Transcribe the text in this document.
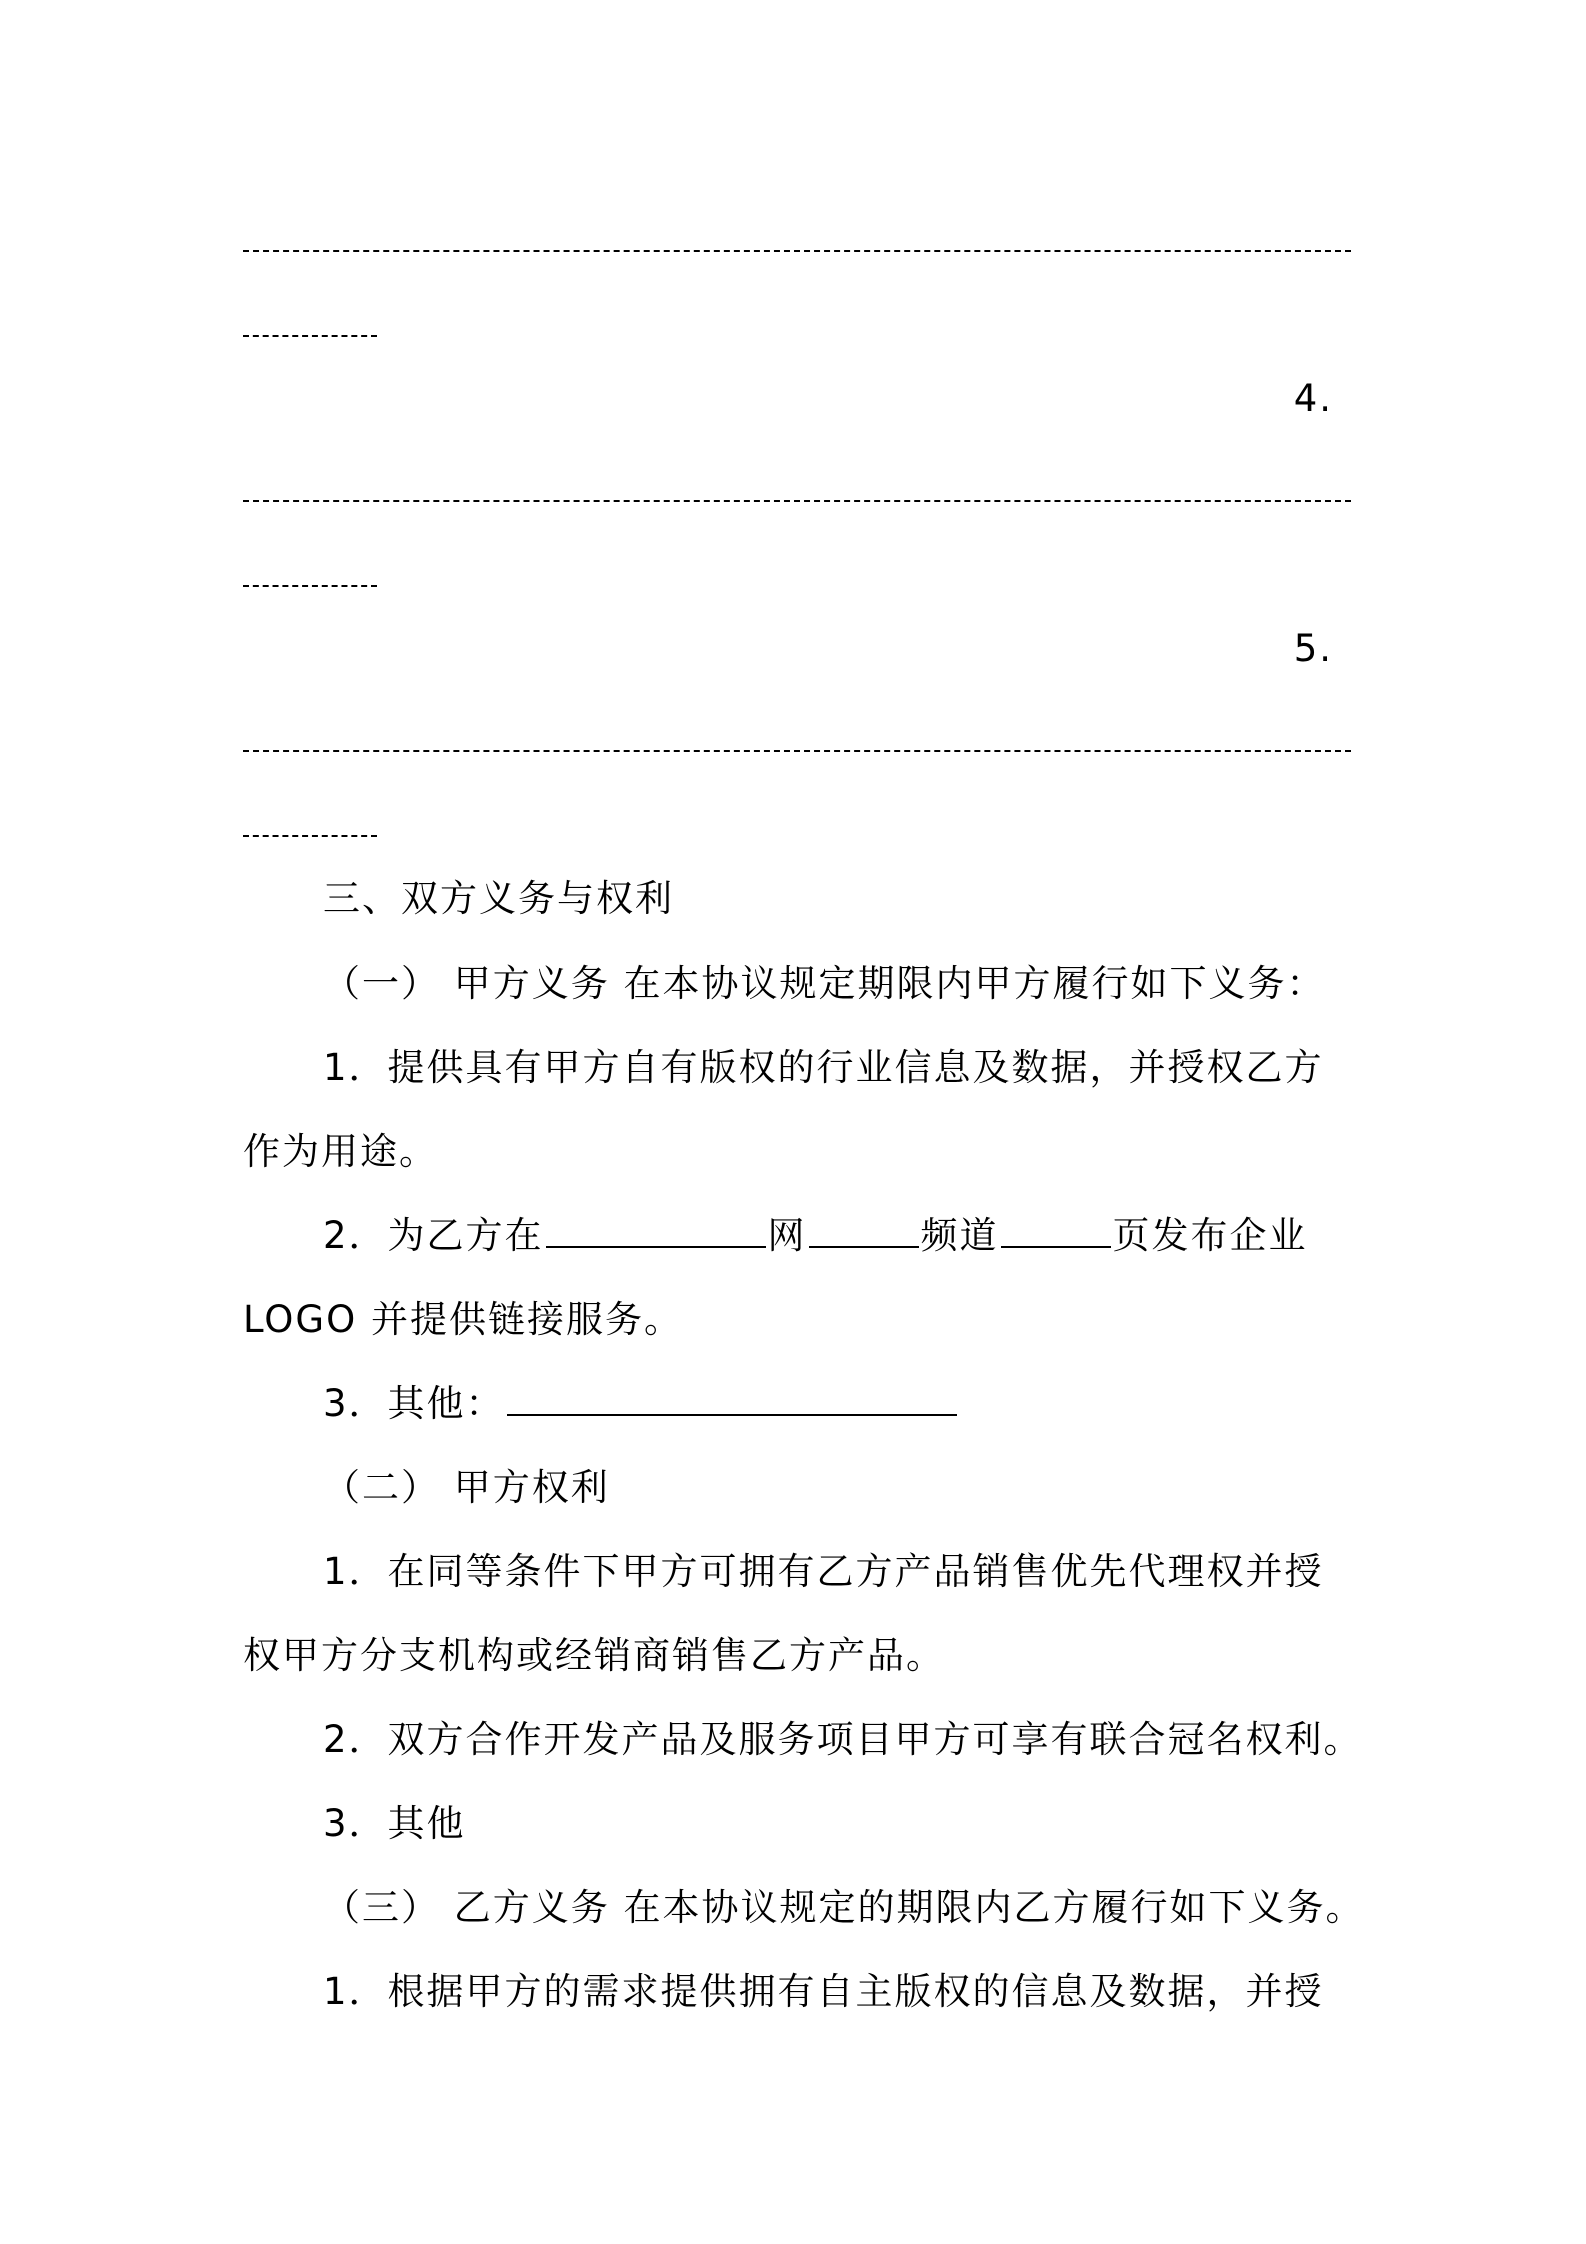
4.
5.
三、双方义务与权利
（一） 甲方义务 在本协议规定期限内甲方履行如下义务：
1．提供具有甲方自有版权的行业信息及数据，并授权乙方
作为用途。
2．为乙方在	网	频道	页发布企业
LOGO 并提供链接服务。
3．其他：
（二） 甲方权利
1．在同等条件下甲方可拥有乙方产品销售优先代理权并授
权甲方分支机构或经销商销售乙方产品。
2．双方合作开发产品及服务项目甲方可享有联合冠名权利。
3．其他
（三） 乙方义务 在本协议规定的期限内乙方履行如下义务。
1．根据甲方的需求提供拥有自主版权的信息及数据，并授
